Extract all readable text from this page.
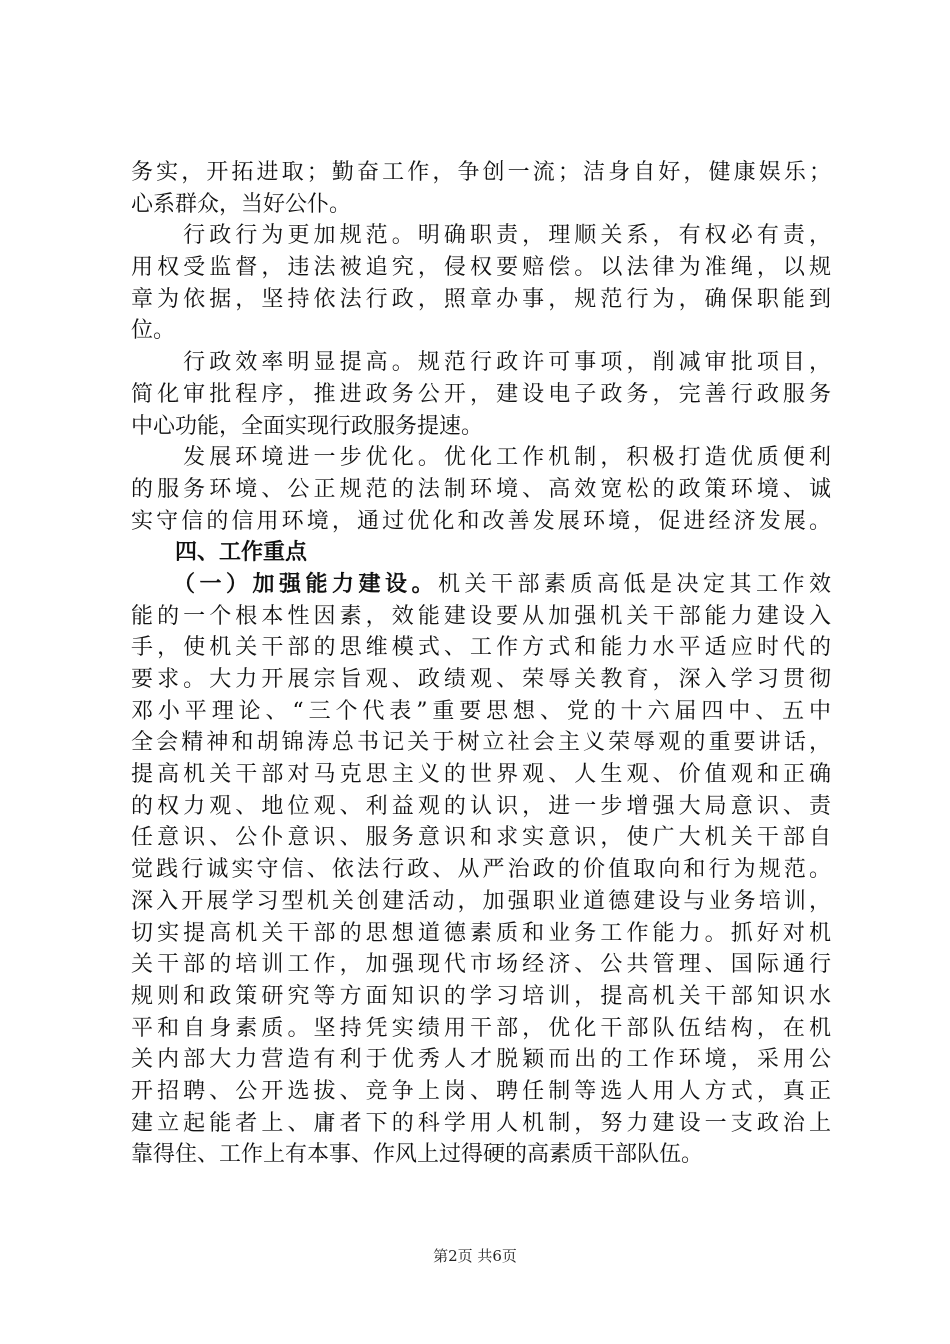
务实，开拓进取；勤奋工作，争创一流；洁身自好，健康娱乐；
心系群众，当好公仆。
　　行政行为更加规范。明确职责，理顺关系，有权必有责，
用权受监督，违法被追究，侵权要赔偿。以法律为准绳，以规
章为依据，坚持依法行政，照章办事，规范行为，确保职能到
位。
　　行政效率明显提高。规范行政许可事项，削减审批项目，
简化审批程序，推进政务公开，建设电子政务，完善行政服务
中心功能，全面实现行政服务提速。
　　发展环境进一步优化。优化工作机制，积极打造优质便利
的服务环境、公正规范的法制环境、高效宽松的政策环境、诚
实守信的信用环境，通过优化和改善发展环境，促进经济发展。
　　四、工作重点
　　（一）加强能力建设。机关干部素质高低是决定其工作效
能的一个根本性因素，效能建设要从加强机关干部能力建设入
手，使机关干部的思维模式、工作方式和能力水平适应时代的
要求。大力开展宗旨观、政绩观、荣辱关教育，深入学习贯彻
邓小平理论、“三个代表”重要思想、党的十六届四中、五中
全会精神和胡锦涛总书记关于树立社会主义荣辱观的重要讲话，
提高机关干部对马克思主义的世界观、人生观、价值观和正确
的权力观、地位观、利益观的认识，进一步增强大局意识、责
任意识、公仆意识、服务意识和求实意识，使广大机关干部自
觉践行诚实守信、依法行政、从严治政的价值取向和行为规范。
深入开展学习型机关创建活动，加强职业道德建设与业务培训，
切实提高机关干部的思想道德素质和业务工作能力。抓好对机
关干部的培训工作，加强现代市场经济、公共管理、国际通行
规则和政策研究等方面知识的学习培训，提高机关干部知识水
平和自身素质。坚持凭实绩用干部，优化干部队伍结构，在机
关内部大力营造有利于优秀人才脱颖而出的工作环境，采用公
开招聘、公开选拔、竞争上岗、聘任制等选人用人方式，真正
建立起能者上、庸者下的科学用人机制，努力建设一支政治上
靠得住、工作上有本事、作风上过得硬的高素质干部队伍。
第2页 共6页
